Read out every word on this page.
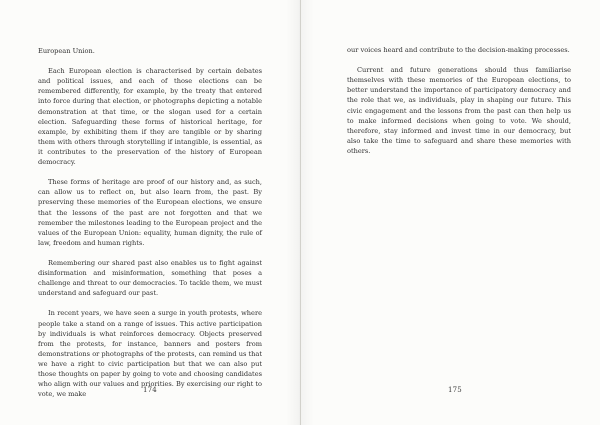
European Union.

Each European election is characterised by certain debates and political issues, and each of those elections can be remembered differently, for example, by the treaty that entered into force during that election, or photographs depicting a notable demonstration at that time, or the slogan used for a certain election. Safeguarding these forms of historical heritage, for example, by exhibiting them if they are tangible or by sharing them with others through storytelling if intangible, is essential, as it contributes to the preservation of the history of European democracy.

These forms of heritage are proof of our history and, as such, can allow us to reflect on, but also learn from, the past. By preserving these memories of the European elections, we ensure that the lessons of the past are not forgotten and that we remember the milestones leading to the European project and the values of the European Union: equality, human dignity, the rule of law, freedom and human rights.

Remembering our shared past also enables us to fight against disinformation and misinformation, something that poses a challenge and threat to our democracies. To tackle them, we must understand and safeguard our past.

In recent years, we have seen a surge in youth protests, where people take a stand on a range of issues. This active participation by individuals is what reinforces democracy. Objects preserved from the protests, for instance, banners and posters from demonstrations or photographs of the protests, can remind us that we have a right to civic participation but that we can also put those thoughts on paper by going to vote and choosing candidates who align with our values and priorities. By exercising our right to vote, we make

174

our voices heard and contribute to the decision-making processes.

Current and future generations should thus familiarise themselves with these memories of the European elections, to better understand the importance of participatory democracy and the role that we, as individuals, play in shaping our future. This civic engagement and the lessons from the past can then help us to make informed decisions when going to vote. We should, therefore, stay informed and invest time in our democracy, but also take the time to safeguard and share these memories with others.

175
